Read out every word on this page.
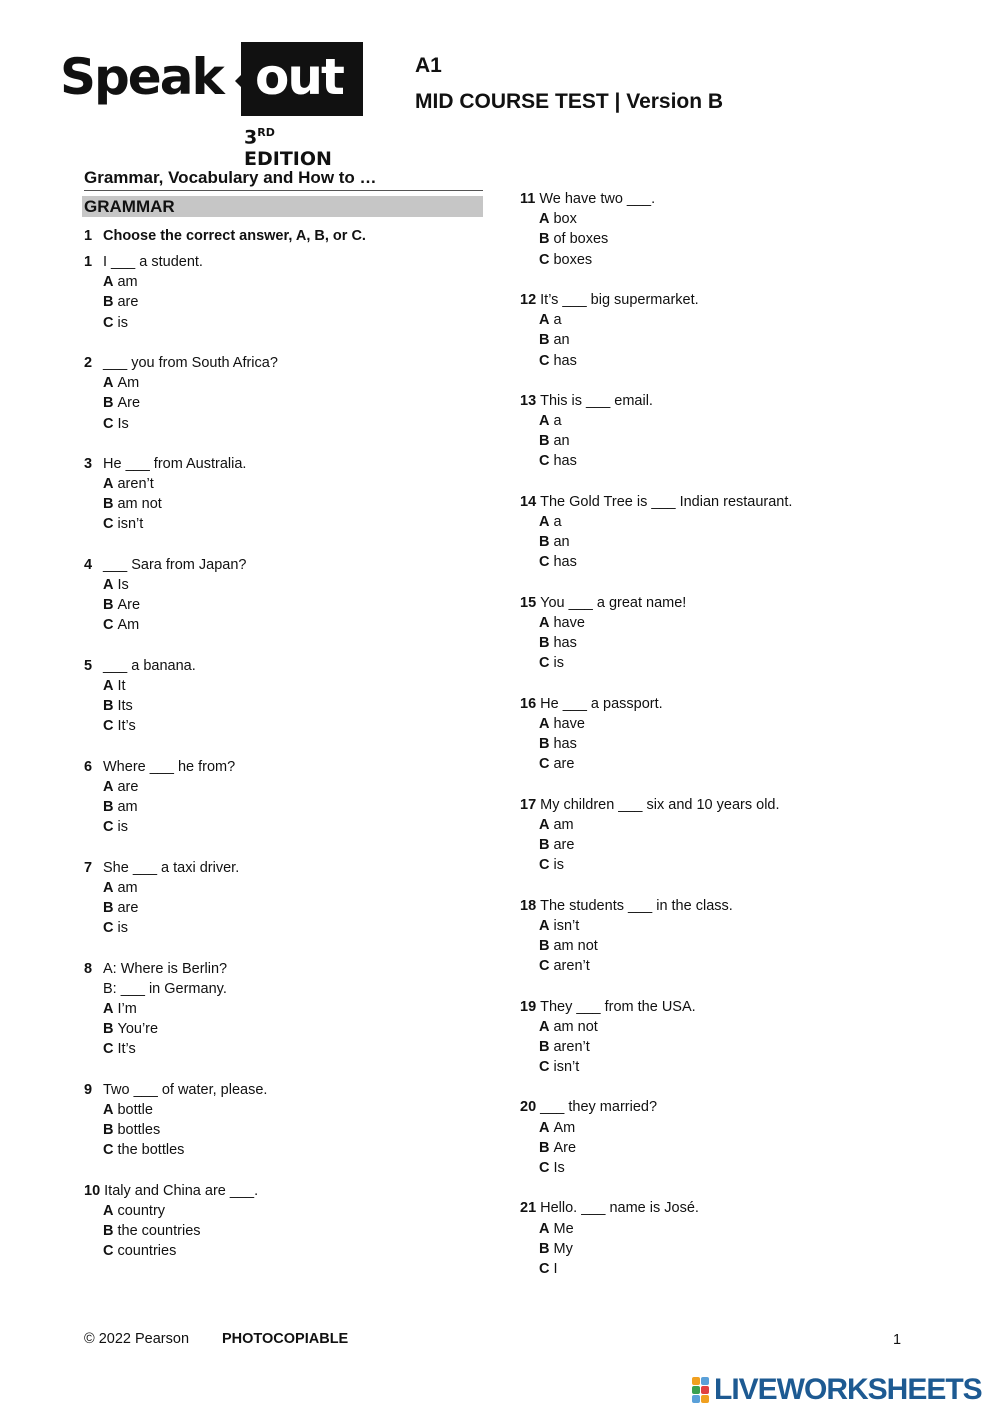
Speak out
3RD EDITION
A1
MID COURSE TEST | Version B
Grammar, Vocabulary and How to …
GRAMMAR
1 Choose the correct answer, A, B, or C.
1 I ___ a student.
A am
B are
C is
2 ___ you from South Africa?
A Am
B Are
C Is
3 He ___ from Australia.
A aren’t
B am not
C isn’t
4 ___ Sara from Japan?
A Is
B Are
C Am
5 ___ a banana.
A It
B Its
C It’s
6 Where ___ he from?
A are
B am
C is
7 She ___ a taxi driver.
A am
B are
C is
8 A: Where is Berlin?
B: ___ in Germany.
A I’m
B You’re
C It’s
9 Two ___ of water, please.
A bottle
B bottles
C the bottles
10 Italy and China are ___.
A country
B the countries
C countries
11 We have two ___.
A box
B of boxes
C boxes
12 It’s ___ big supermarket.
A a
B an
C has
13 This is ___ email.
A a
B an
C has
14 The Gold Tree is ___ Indian restaurant.
A a
B an
C has
15 You ___ a great name!
A have
B has
C is
16 He ___ a passport.
A have
B has
C are
17 My children ___ six and 10 years old.
A am
B are
C is
18 The students ___ in the class.
A isn’t
B am not
C aren’t
19 They ___ from the USA.
A am not
B aren’t
C isn’t
20 ___ they married?
A Am
B Are
C Is
21 Hello. ___ name is José.
A Me
B My
C I
© 2022 Pearson PHOTOCOPIABLE	1
LIVEWORKSHEETS
